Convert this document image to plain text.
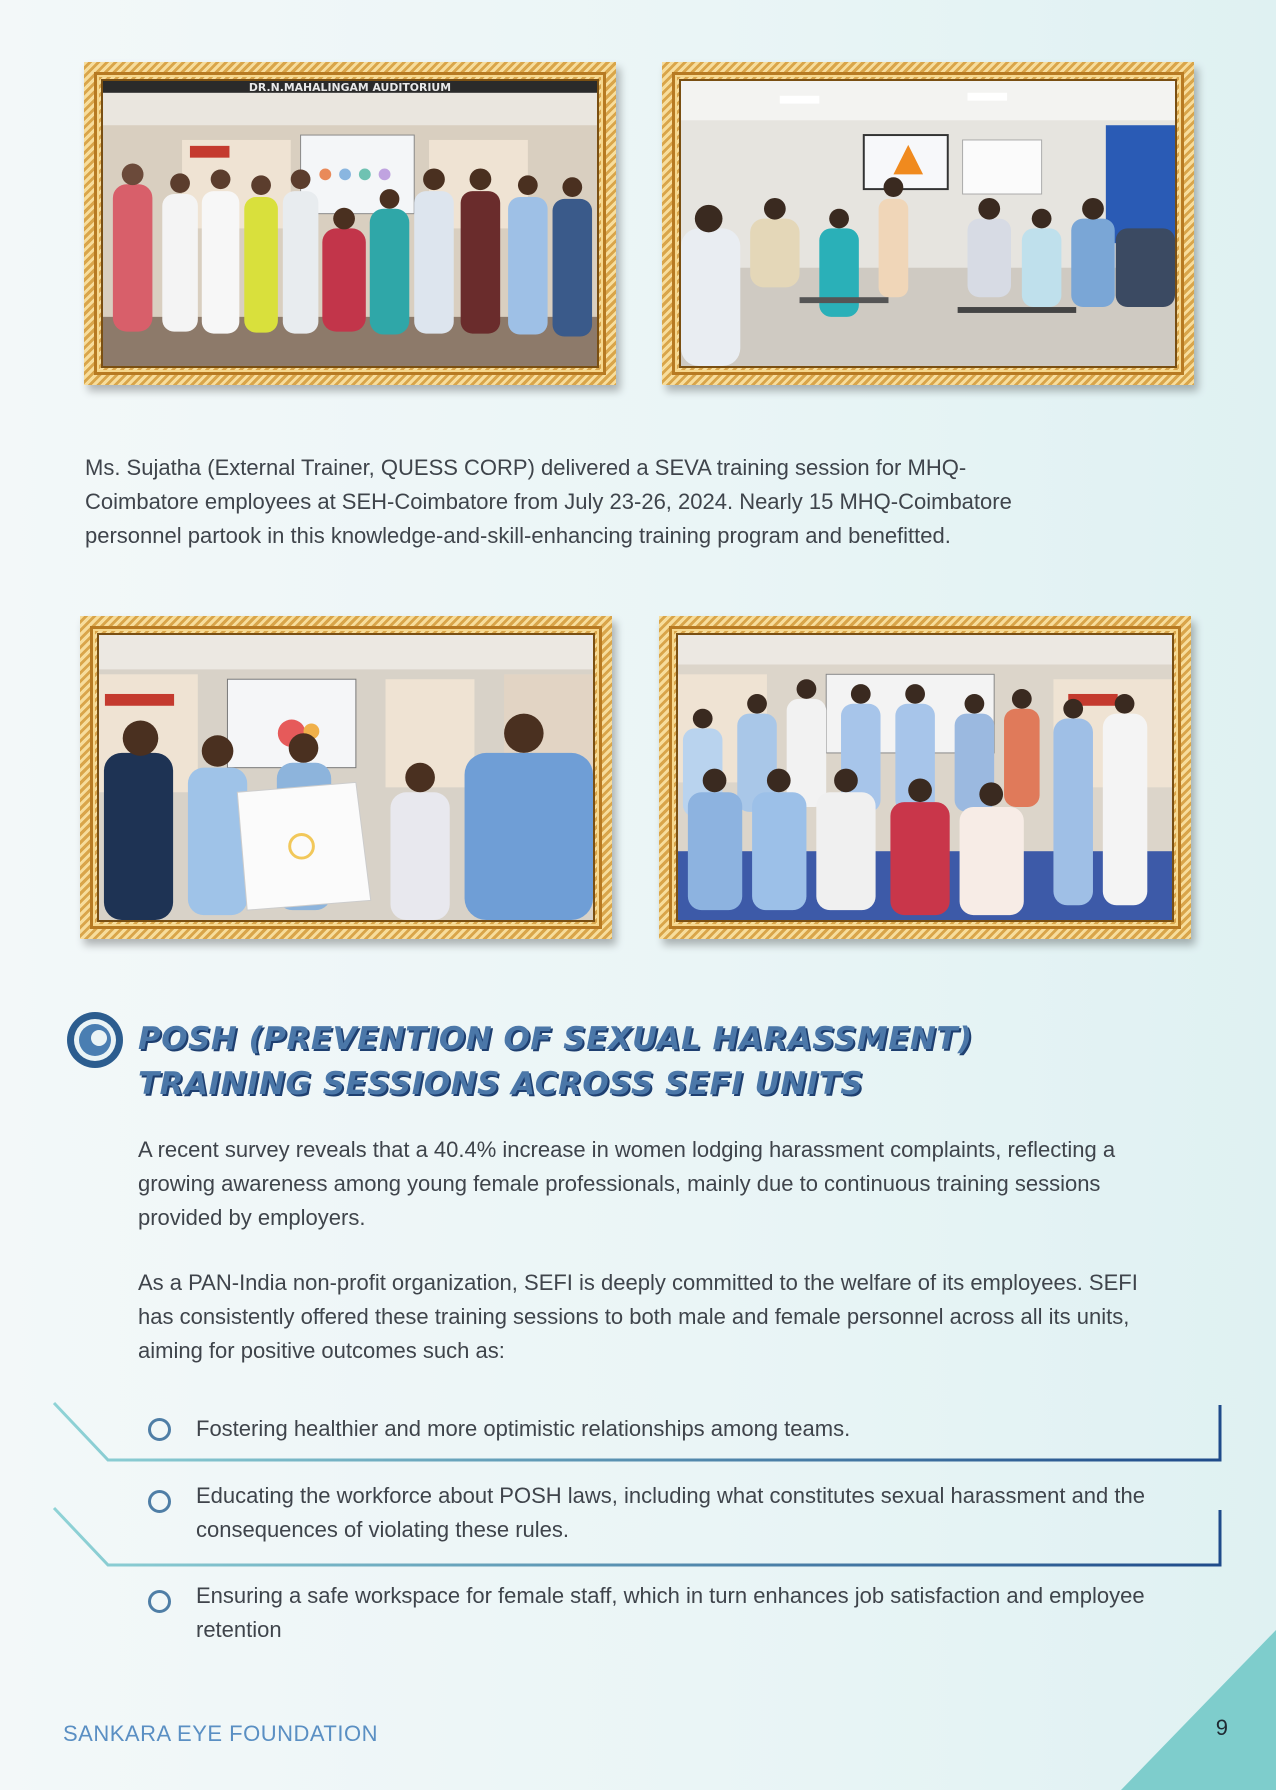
DR.N.MAHALINGAM AUDITORIUM

Ms. Sujatha (External Trainer, QUESS CORP) delivered a SEVA training session for MHQ-Coimbatore employees at SEH-Coimbatore from July 23-26, 2024. Nearly 15 MHQ-Coimbatore personnel partook in this knowledge-and-skill-enhancing training program and benefitted.

POSH (PREVENTION OF SEXUAL HARASSMENT)
TRAINING SESSIONS ACROSS SEFI UNITS

A recent survey reveals that a 40.4% increase in women lodging harassment complaints, reflecting a growing awareness among young female professionals, mainly due to continuous training sessions provided by employers.

As a PAN-India non-profit organization, SEFI is deeply committed to the welfare of its employees. SEFI has consistently offered these training sessions to both male and female personnel across all its units, aiming for positive outcomes such as:

Fostering healthier and more optimistic relationships among teams.

Educating the workforce about POSH laws, including what constitutes sexual harassment and the consequences of violating these rules.

Ensuring a safe workspace for female staff, which in turn enhances job satisfaction and employee retention

SANKARA EYE FOUNDATION	9
